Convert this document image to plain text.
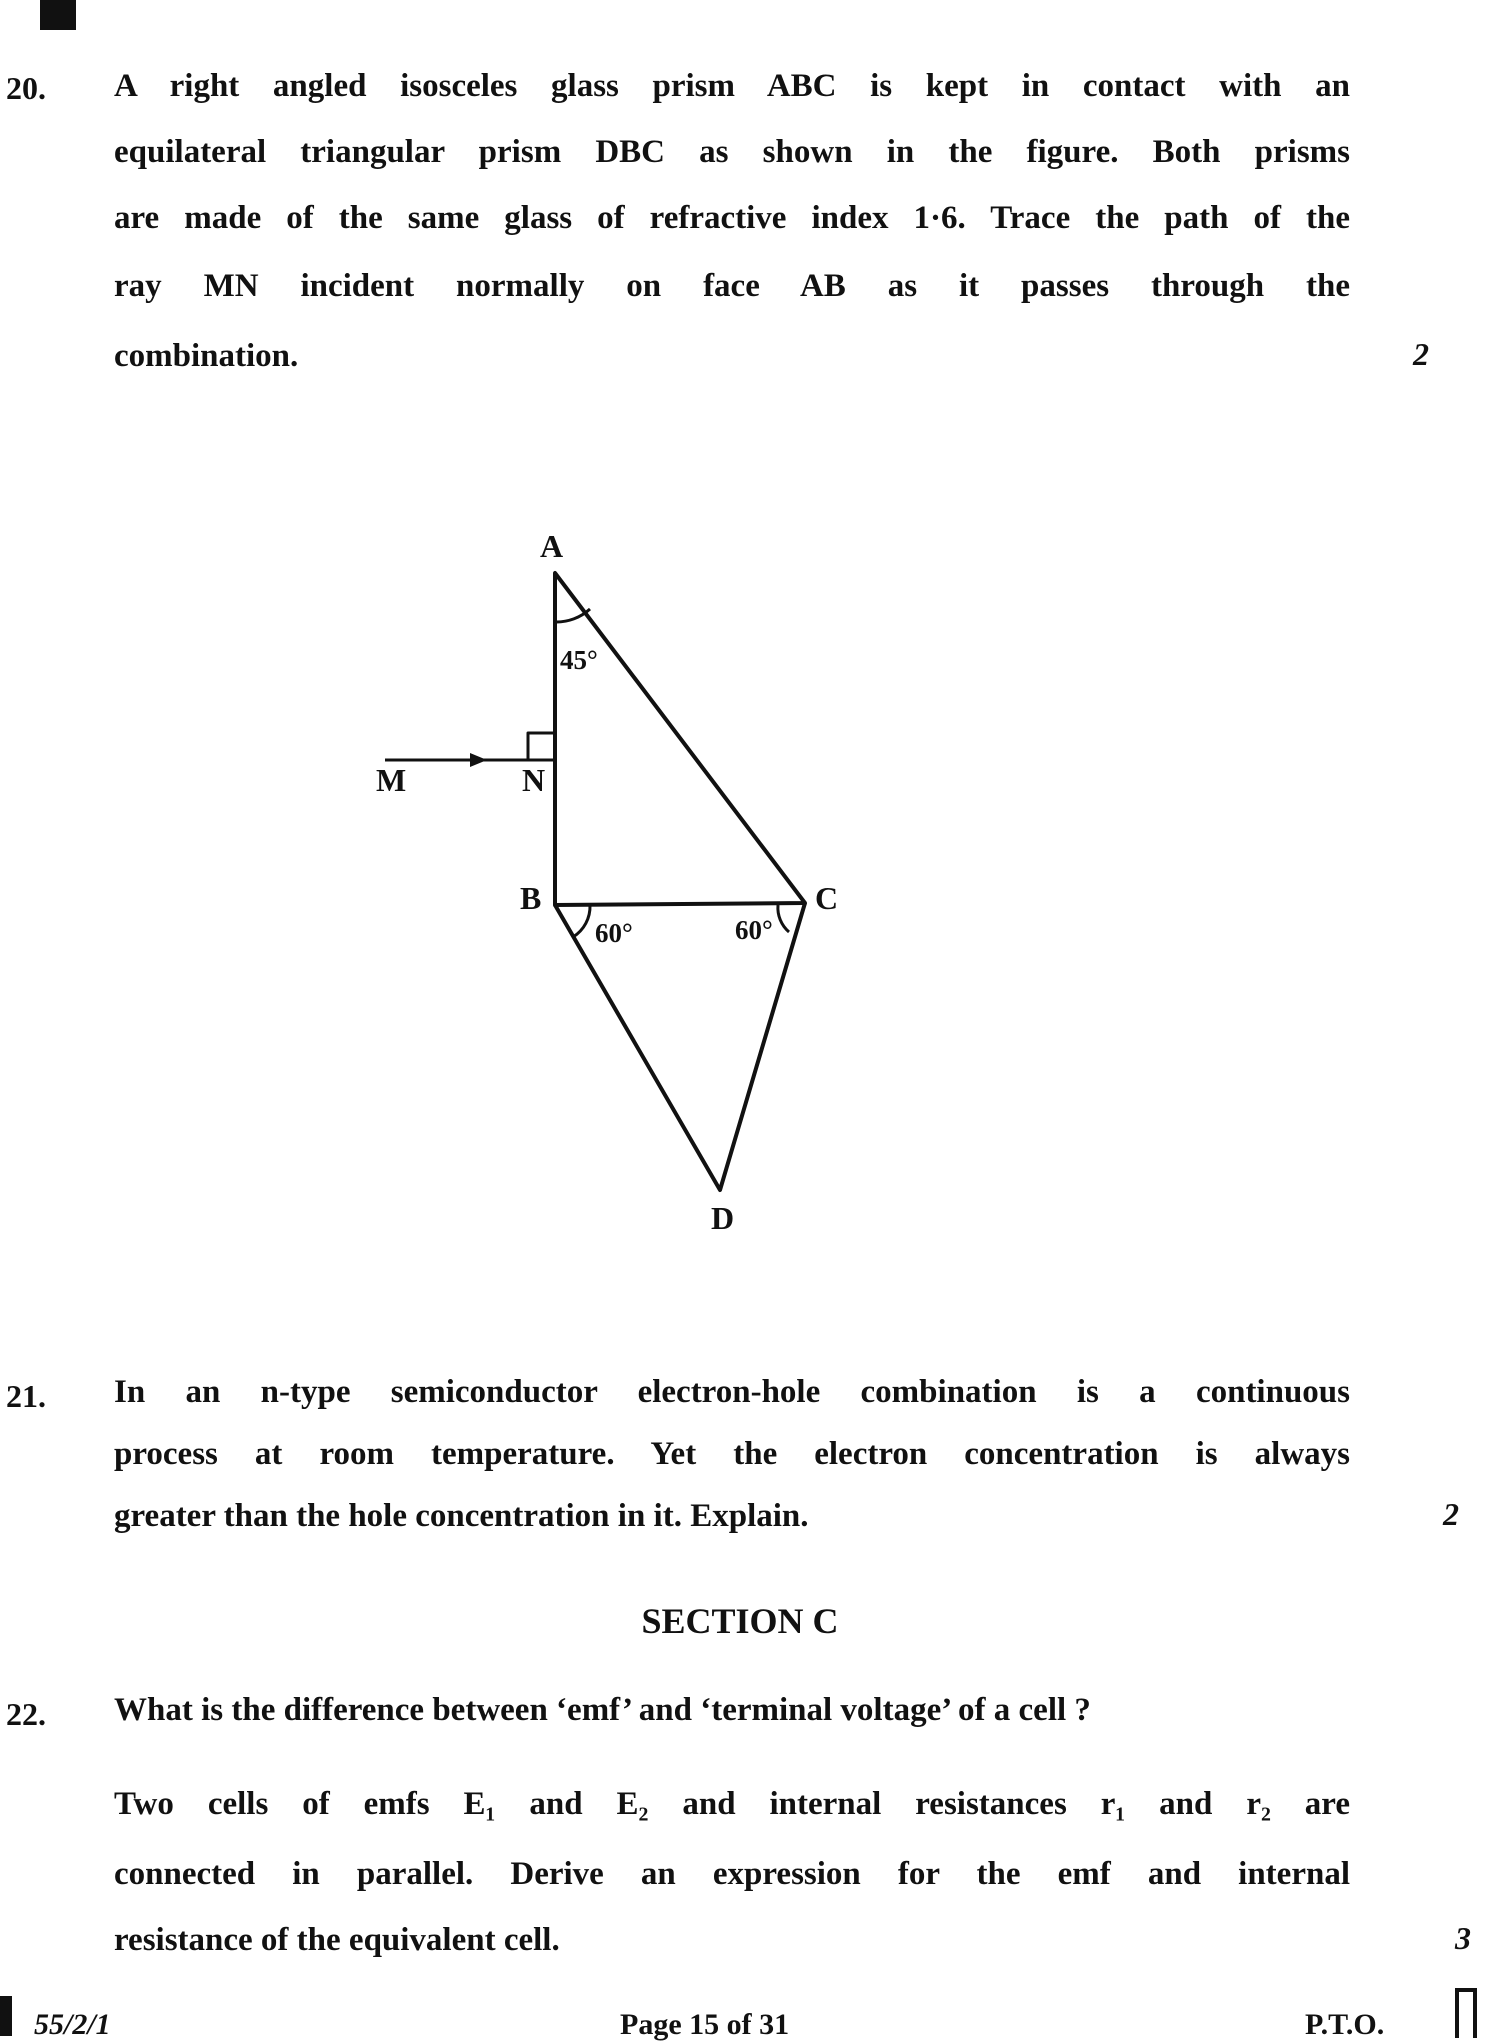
20. A right angled isosceles glass prism ABC is kept in contact with an
equilateral triangular prism DBC as shown in the figure. Both prisms
are made of the same glass of refractive index 1·6. Trace the path of the
ray MN incident normally on face AB as it passes through the
combination.	2
A
B	C
D
M	N
45°
60°	60°
21. In an n-type semiconductor electron-hole combination is a continuous
process at room temperature. Yet the electron concentration is always
greater than the hole concentration in it. Explain.	2
SECTION C
22. What is the difference between ‘emf’ and ‘terminal voltage’ of a cell ?
Two cells of emfs E₁ and E₂ and internal resistances r₁ and r₂ are
connected in parallel. Derive an expression for the emf and internal
resistance of the equivalent cell.	3
55/2/1	Page 15 of 31	P.T.O.
